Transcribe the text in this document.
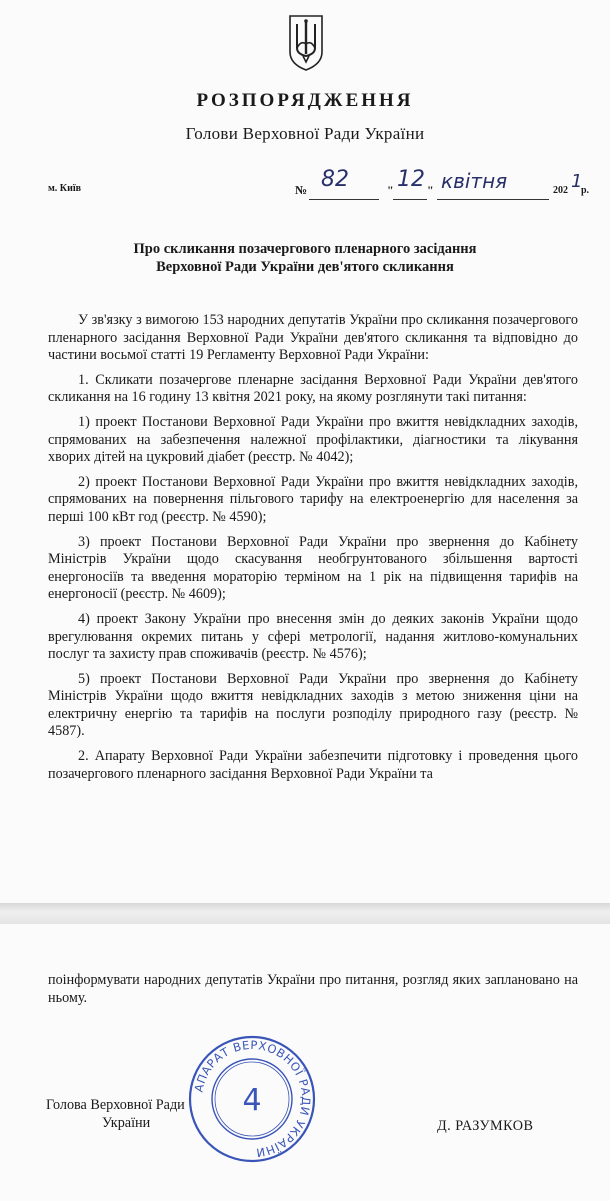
РОЗПОРЯДЖЕННЯ
Голови Верховної Ради України
м. Київ	№ 82	" 12 " квітня	202 1
р.
Про скликання позачергового пленарного засідання
Верховної Ради України дев'ятого скликання

У зв'язку з вимогою 153 народних депутатів України про скликання позачергового пленарного засідання Верховної Ради України дев'ятого скликання та відповідно до частини восьмої статті 19 Регламенту Верховної Ради України:

1. Скликати позачергове пленарне засідання Верховної Ради України дев'ятого скликання на 16 годину 13 квітня 2021 року, на якому розглянути такі питання:

1) проект Постанови Верховної Ради України про вжиття невідкладних заходів, спрямованих на забезпечення належної профілактики, діагностики та лікування хворих дітей на цукровий діабет (реєстр. № 4042);

2) проект Постанови Верховної Ради України про вжиття невідкладних заходів, спрямованих на повернення пільгового тарифу на електроенергію для населення за перші 100 кВт год (реєстр. № 4590);

3) проект Постанови Верховної Ради України про звернення до Кабінету Міністрів України щодо скасування необгрунтованого збільшення вартості енергоносіїв та введення мораторію терміном на 1 рік на підвищення тарифів на енергоносії (реєстр. № 4609);

4) проект Закону України про внесення змін до деяких законів України щодо врегулювання окремих питань у сфері метрології, надання житлово-комунальних послуг та захисту прав споживачів (реєстр. № 4576);

5) проект Постанови Верховної Ради України про звернення до Кабінету Міністрів України щодо вжиття невідкладних заходів з метою зниження ціни на електричну енергію та тарифів на послуги розподілу природного газу (реєстр. № 4587).

2. Апарату Верховної Ради України забезпечити підготовку і проведення цього позачергового пленарного засідання Верховної Ради України та

поінформувати народних депутатів України про питання, розгляд яких заплановано на ньому.

АПАРАТ ВЕРХОВНОЇ РАДИ УКРАЇНИ
4
Голова Верховної Ради
України	Д. РАЗУМКОВ
